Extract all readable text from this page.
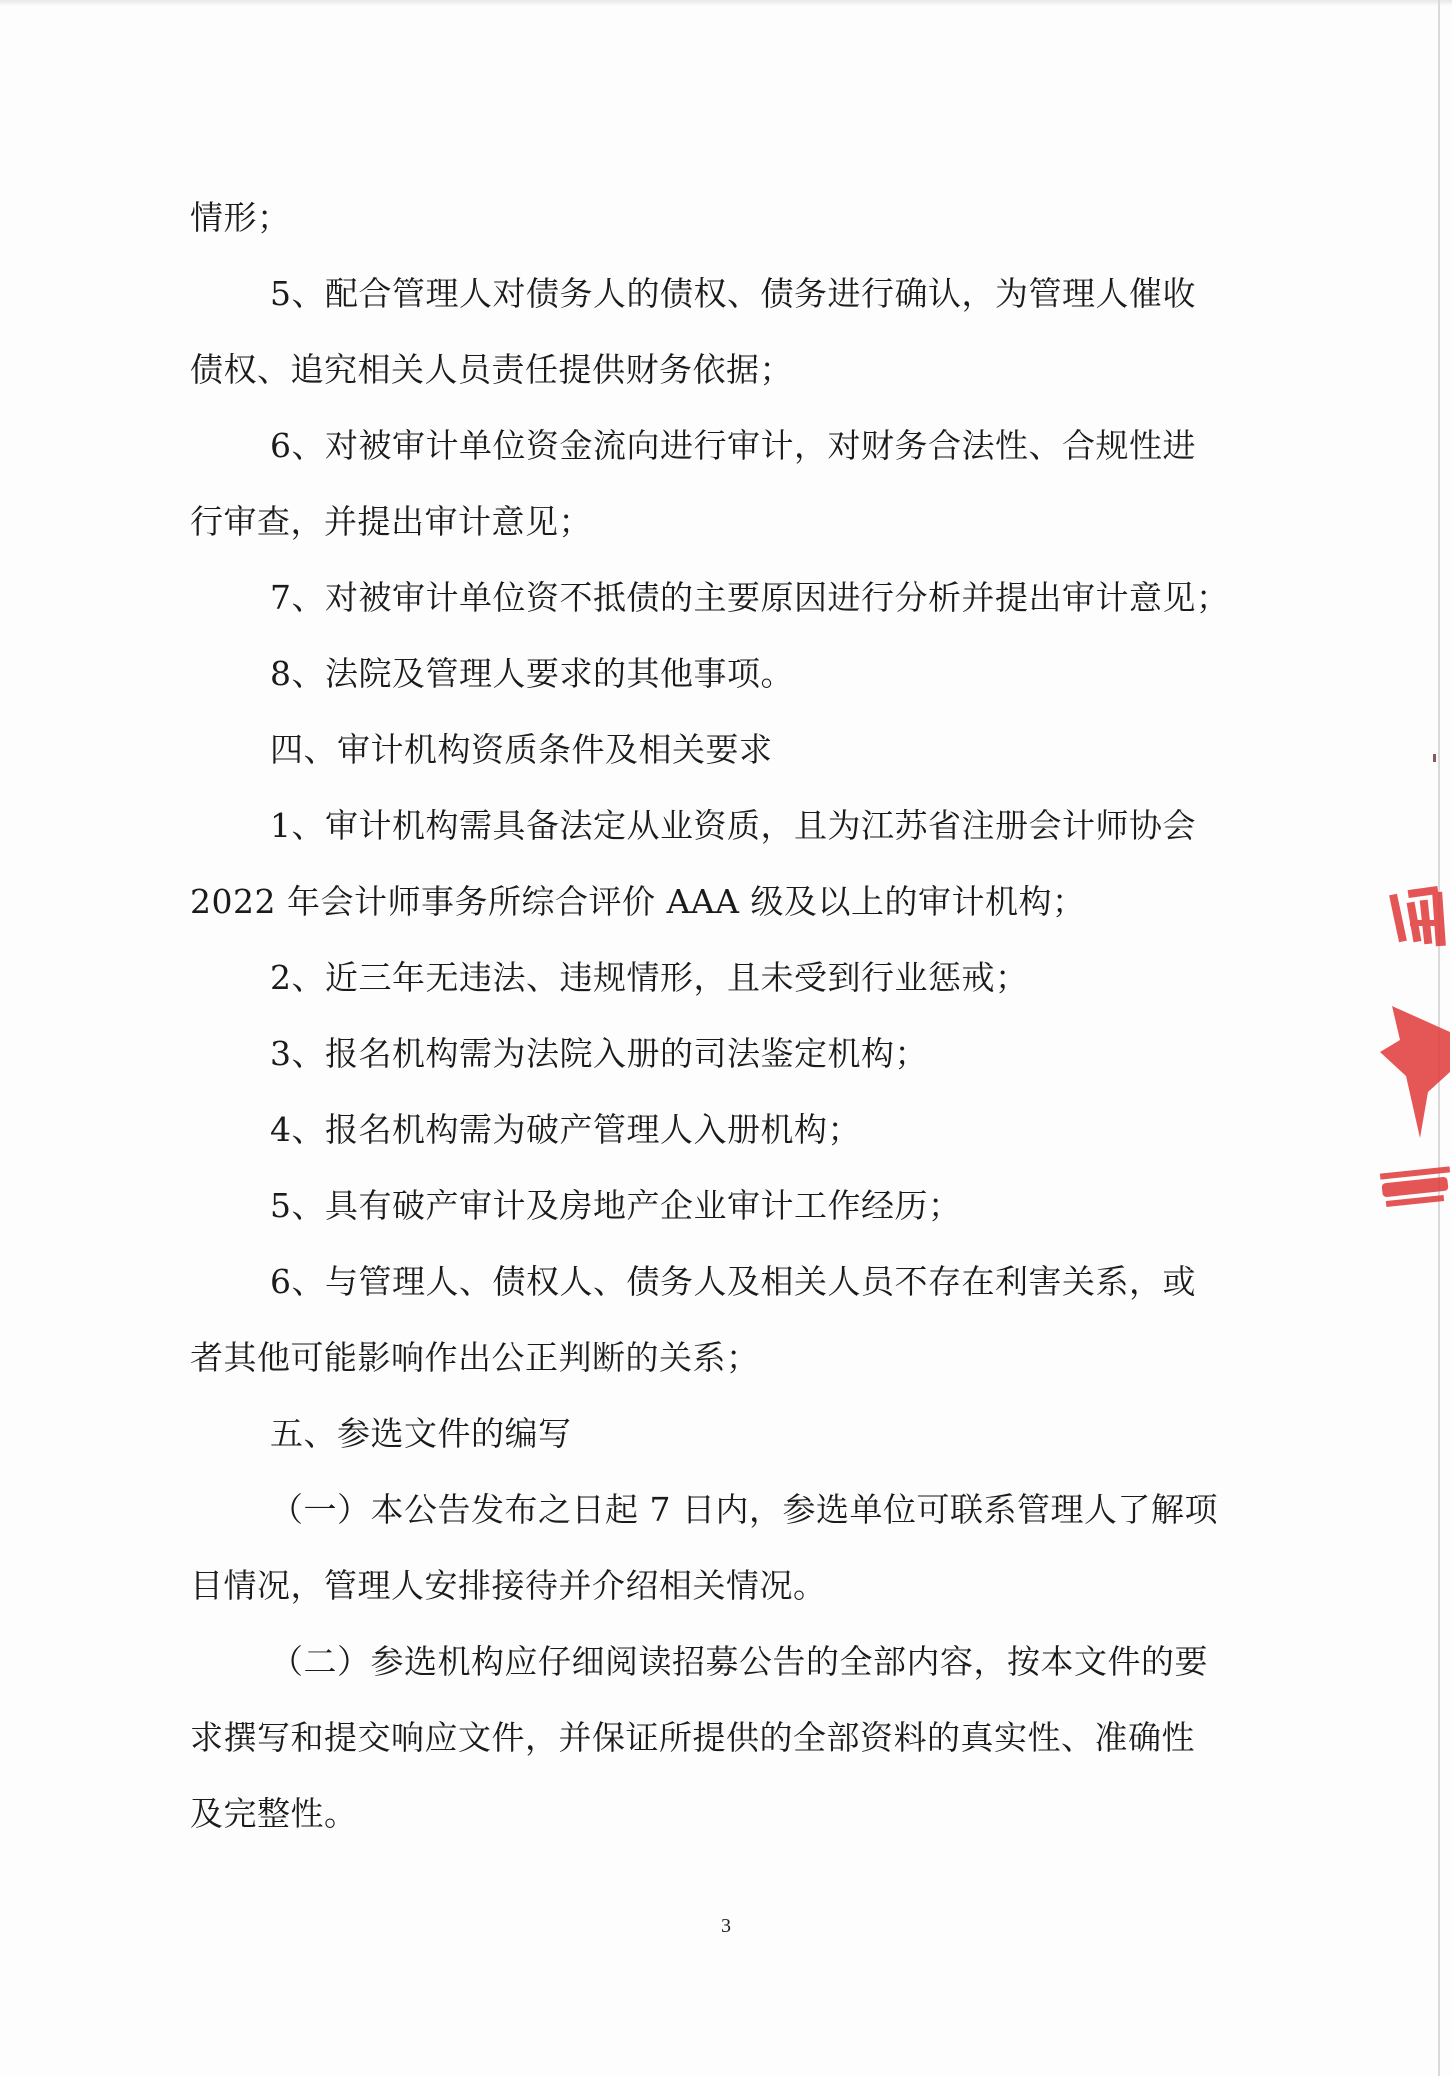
情形；

5、配合管理人对债务人的债权、债务进行确认，为管理人催收

债权、追究相关人员责任提供财务依据；

6、对被审计单位资金流向进行审计，对财务合法性、合规性进

行审查，并提出审计意见；

7、对被审计单位资不抵债的主要原因进行分析并提出审计意见；

8、法院及管理人要求的其他事项。

四、审计机构资质条件及相关要求

1、审计机构需具备法定从业资质，且为江苏省注册会计师协会

2022 年会计师事务所综合评价 AAA 级及以上的审计机构；

2、近三年无违法、违规情形，且未受到行业惩戒；

3、报名机构需为法院入册的司法鉴定机构；

4、报名机构需为破产管理人入册机构；

5、具有破产审计及房地产企业审计工作经历；

6、与管理人、债权人、债务人及相关人员不存在利害关系，或

者其他可能影响作出公正判断的关系；

五、参选文件的编写

（一）本公告发布之日起 7 日内，参选单位可联系管理人了解项

目情况，管理人安排接待并介绍相关情况。

（二）参选机构应仔细阅读招募公告的全部内容，按本文件的要

求撰写和提交响应文件，并保证所提供的全部资料的真实性、准确性

及完整性。

3
